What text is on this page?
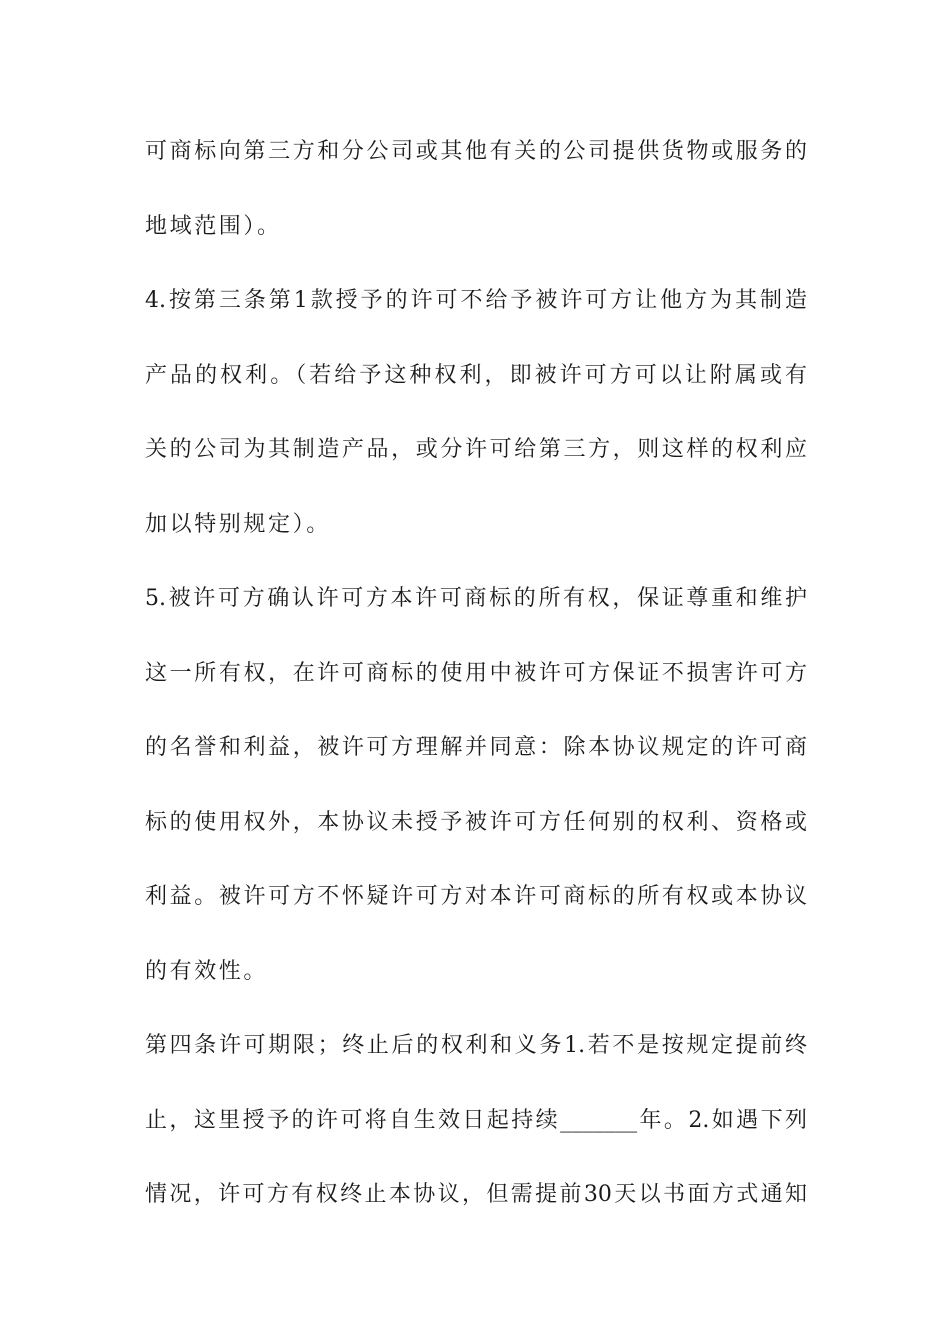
可商标向第三方和分公司或其他有关的公司提供货物或服务的
地域范围）。
4.按第三条第1款授予的许可不给予被许可方让他方为其制造
产品的权利。（若给予这种权利，即被许可方可以让附属或有
关的公司为其制造产品，或分许可给第三方，则这样的权利应
加以特别规定）。
5.被许可方确认许可方本许可商标的所有权，保证尊重和维护
这一所有权，在许可商标的使用中被许可方保证不损害许可方
的名誉和利益，被许可方理解并同意：除本协议规定的许可商
标的使用权外，本协议未授予被许可方任何别的权利、资格或
利益。被许可方不怀疑许可方对本许可商标的所有权或本协议
的有效性。
第四条许可期限；终止后的权利和义务1.若不是按规定提前终
止，这里授予的许可将自生效日起持续_______年。2.如遇下列
情况，许可方有权终止本协议，但需提前30天以书面方式通知
